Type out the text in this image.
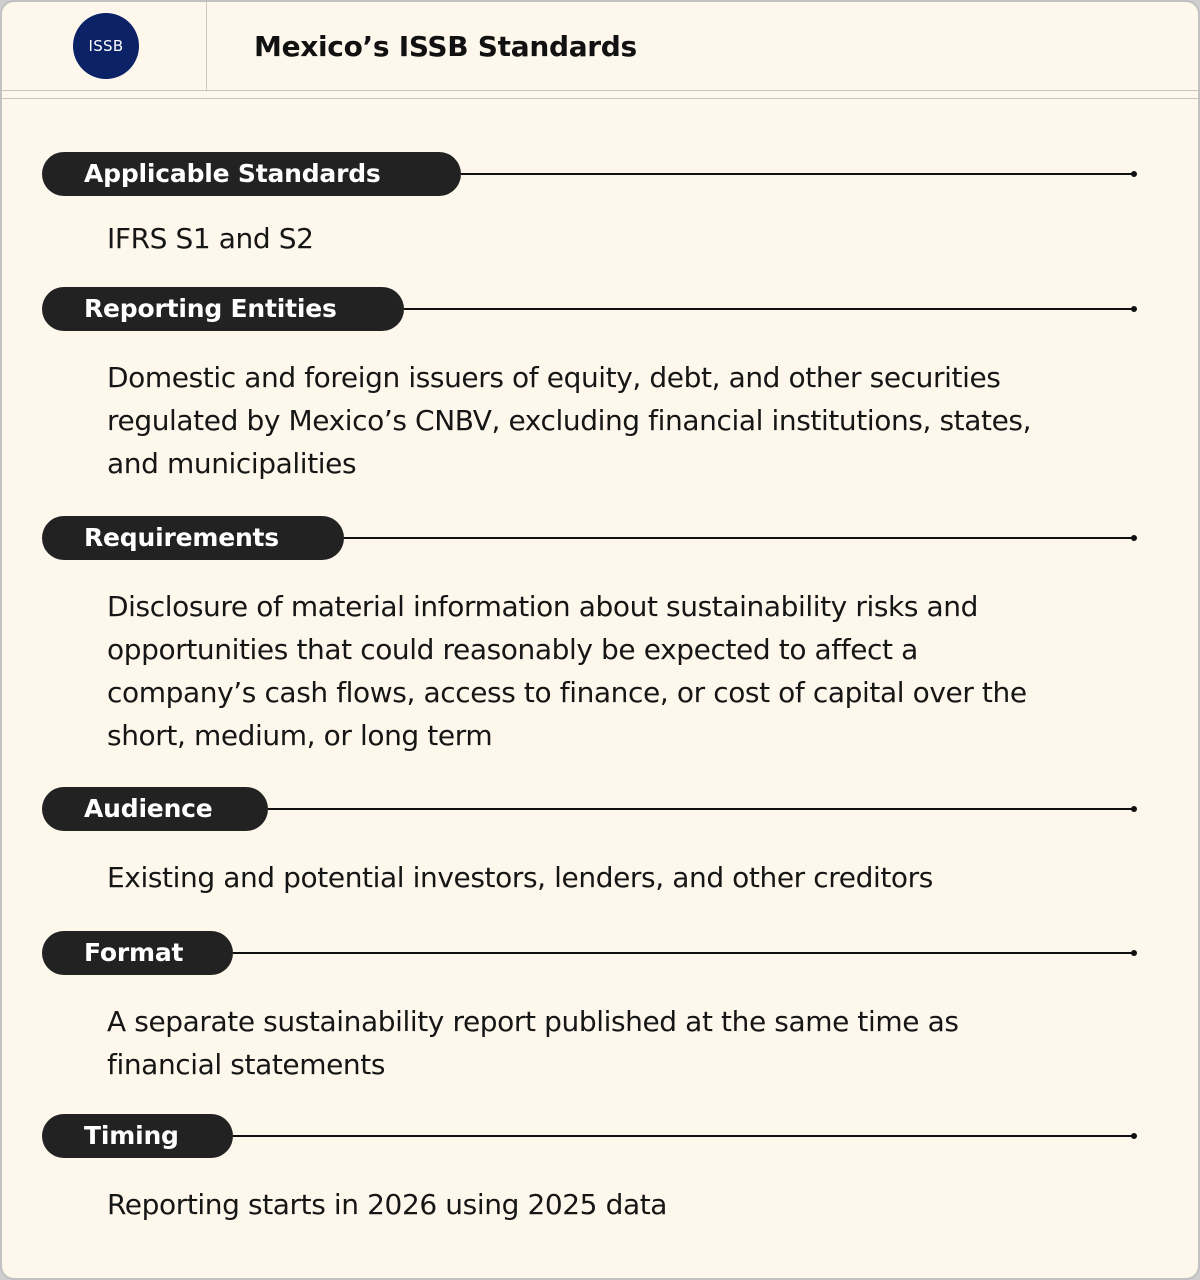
ISSB	Mexico’s ISSB Standards
Applicable Standards
IFRS S1 and S2
Reporting Entities
Domestic and foreign issuers of equity, debt, and other securities
regulated by Mexico’s CNBV, excluding financial institutions, states,
and municipalities
Requirements
Disclosure of material information about sustainability risks and
opportunities that could reasonably be expected to affect a
company’s cash flows, access to finance, or cost of capital over the
short, medium, or long term
Audience
Existing and potential investors, lenders, and other creditors
Format
A separate sustainability report published at the same time as
financial statements
Timing
Reporting starts in 2026 using 2025 data
